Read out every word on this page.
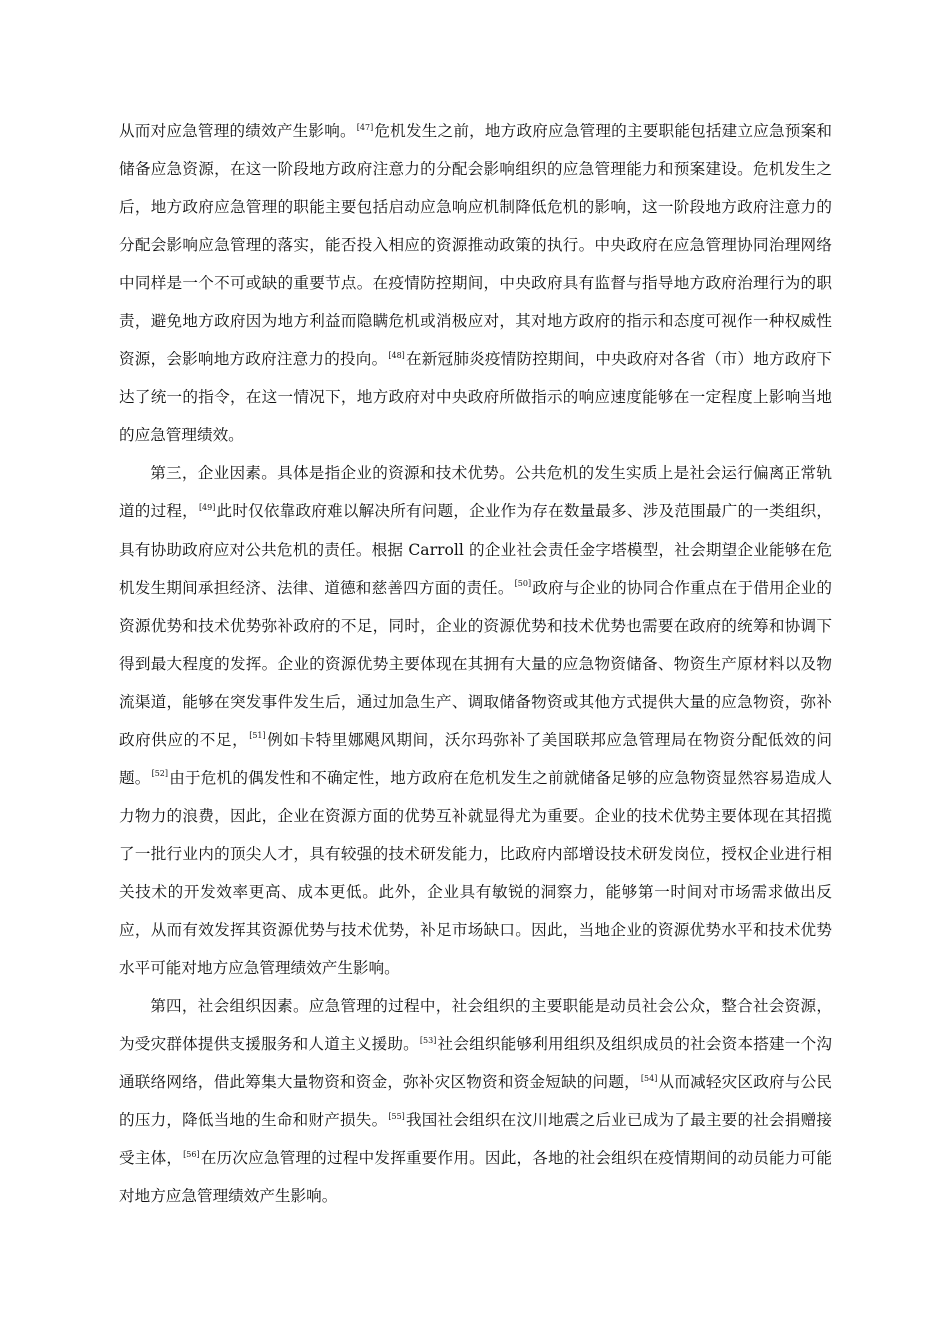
从而对应急管理的绩效产生影响。[47]危机发生之前，地方政府应急管理的主要职能包括建立应急预案和储备应急资源，在这一阶段地方政府注意力的分配会影响组织的应急管理能力和预案建设。危机发生之后，地方政府应急管理的职能主要包括启动应急响应机制降低危机的影响，这一阶段地方政府注意力的分配会影响应急管理的落实，能否投入相应的资源推动政策的执行。中央政府在应急管理协同治理网络中同样是一个不可或缺的重要节点。在疫情防控期间，中央政府具有监督与指导地方政府治理行为的职责，避免地方政府因为地方利益而隐瞒危机或消极应对，其对地方政府的指示和态度可视作一种权威性资源，会影响地方政府注意力的投向。[48]在新冠肺炎疫情防控期间，中央政府对各省（市）地方政府下达了统一的指令，在这一情况下，地方政府对中央政府所做指示的响应速度能够在一定程度上影响当地的应急管理绩效。

第三，企业因素。具体是指企业的资源和技术优势。公共危机的发生实质上是社会运行偏离正常轨道的过程，[49]此时仅依靠政府难以解决所有问题，企业作为存在数量最多、涉及范围最广的一类组织，具有协助政府应对公共危机的责任。根据 Carroll 的企业社会责任金字塔模型，社会期望企业能够在危机发生期间承担经济、法律、道德和慈善四方面的责任。[50]政府与企业的协同合作重点在于借用企业的资源优势和技术优势弥补政府的不足，同时，企业的资源优势和技术优势也需要在政府的统筹和协调下得到最大程度的发挥。企业的资源优势主要体现在其拥有大量的应急物资储备、物资生产原材料以及物流渠道，能够在突发事件发生后，通过加急生产、调取储备物资或其他方式提供大量的应急物资，弥补政府供应的不足，[51]例如卡特里娜飓风期间，沃尔玛弥补了美国联邦应急管理局在物资分配低效的问题。[52]由于危机的偶发性和不确定性，地方政府在危机发生之前就储备足够的应急物资显然容易造成人力物力的浪费，因此，企业在资源方面的优势互补就显得尤为重要。企业的技术优势主要体现在其招揽了一批行业内的顶尖人才，具有较强的技术研发能力，比政府内部增设技术研发岗位，授权企业进行相关技术的开发效率更高、成本更低。此外，企业具有敏锐的洞察力，能够第一时间对市场需求做出反应，从而有效发挥其资源优势与技术优势，补足市场缺口。因此，当地企业的资源优势水平和技术优势水平可能对地方应急管理绩效产生影响。

第四，社会组织因素。应急管理的过程中，社会组织的主要职能是动员社会公众，整合社会资源，为受灾群体提供支援服务和人道主义援助。[53]社会组织能够利用组织及组织成员的社会资本搭建一个沟通联络网络，借此筹集大量物资和资金，弥补灾区物资和资金短缺的问题，[54]从而减轻灾区政府与公民的压力，降低当地的生命和财产损失。[55]我国社会组织在汶川地震之后业已成为了最主要的社会捐赠接受主体，[56]在历次应急管理的过程中发挥重要作用。因此，各地的社会组织在疫情期间的动员能力可能对地方应急管理绩效产生影响。
